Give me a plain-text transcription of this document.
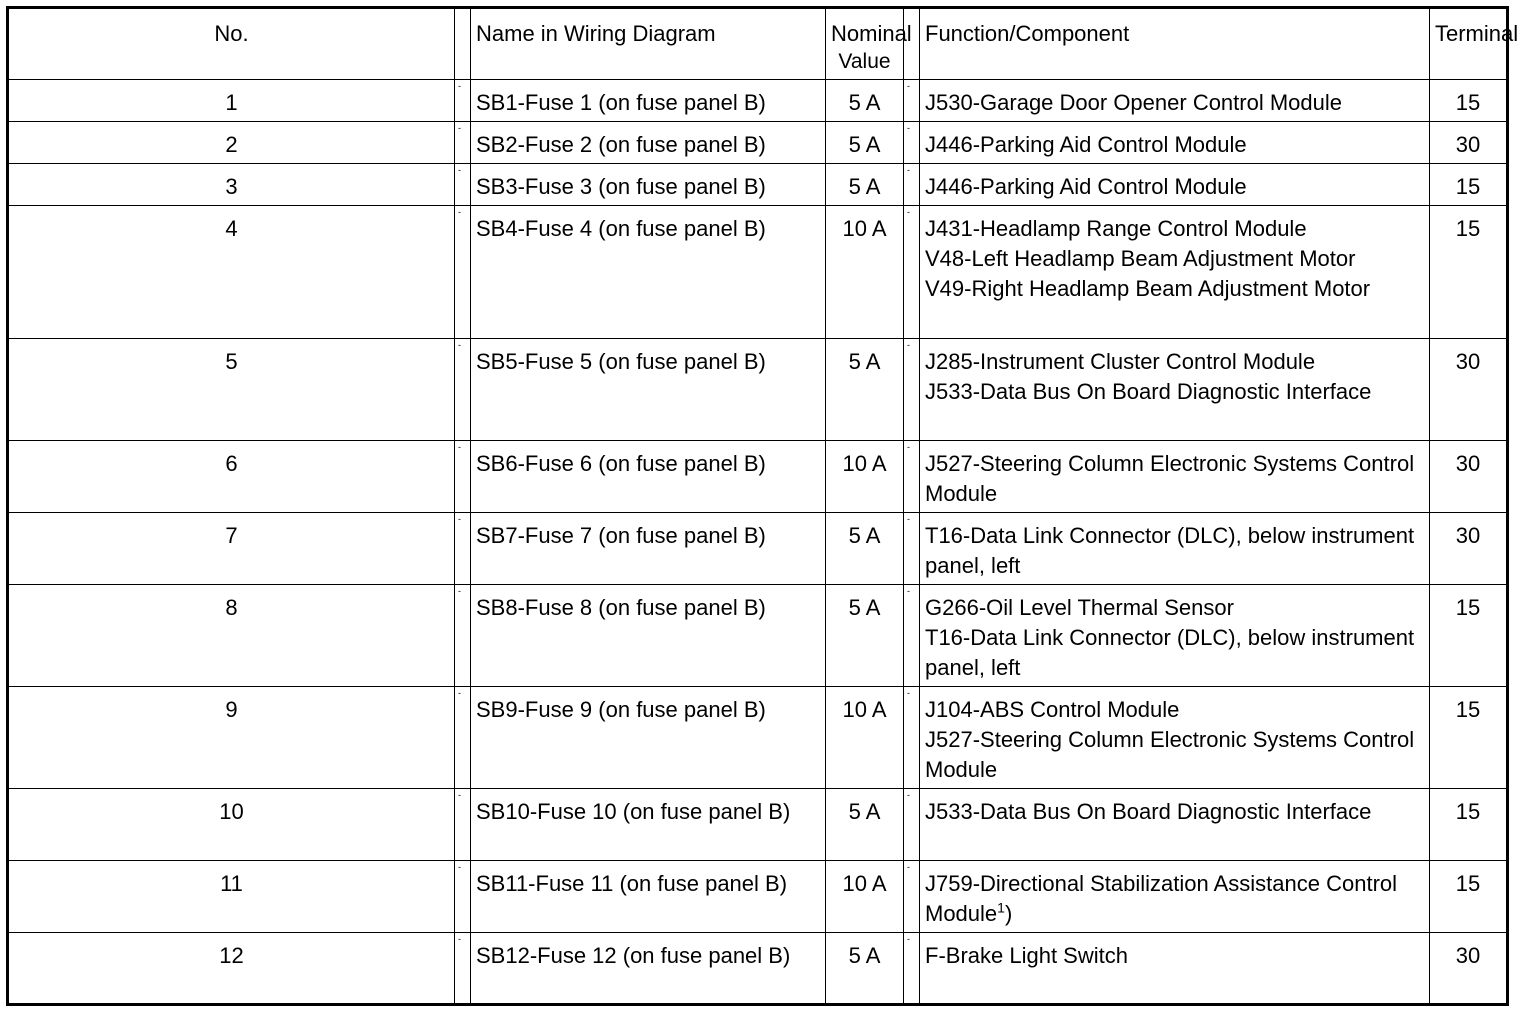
No.		Name in Wiring Diagram	Nominal
Value		Function/Component	Terminal
1	-	SB1-Fuse 1 (on fuse panel B)	5 A	-	J530-Garage Door Opener Control Module	15
2	-	SB2-Fuse 2 (on fuse panel B)	5 A	-	J446-Parking Aid Control Module	30
3	-	SB3-Fuse 3 (on fuse panel B)	5 A	-	J446-Parking Aid Control Module	15
4	-	SB4-Fuse 4 (on fuse panel B)	10 A	-	J431-Headlamp Range Control Module
V48-Left Headlamp Beam Adjustment Motor
V49-Right Headlamp Beam Adjustment Motor	15
5	-	SB5-Fuse 5 (on fuse panel B)	5 A	-	J285-Instrument Cluster Control Module
J533-Data Bus On Board Diagnostic Interface	30
6	-	SB6-Fuse 6 (on fuse panel B)	10 A	-	J527-Steering Column Electronic Systems Control Module	30
7	-	SB7-Fuse 7 (on fuse panel B)	5 A	-	T16-Data Link Connector (DLC), below instrument panel, left	30
8	-	SB8-Fuse 8 (on fuse panel B)	5 A	-	G266-Oil Level Thermal Sensor
T16-Data Link Connector (DLC), below instrument panel, left	15
9	-	SB9-Fuse 9 (on fuse panel B)	10 A	-	J104-ABS Control Module
J527-Steering Column Electronic Systems Control Module	15
10	-	SB10-Fuse 10 (on fuse panel B)	5 A	-	J533-Data Bus On Board Diagnostic Interface	15
11	-	SB11-Fuse 11 (on fuse panel B)	10 A	-	J759-Directional Stabilization Assistance Control Module$^1$)	15
12	-	SB12-Fuse 12 (on fuse panel B)	5 A	-	F-Brake Light Switch	30
